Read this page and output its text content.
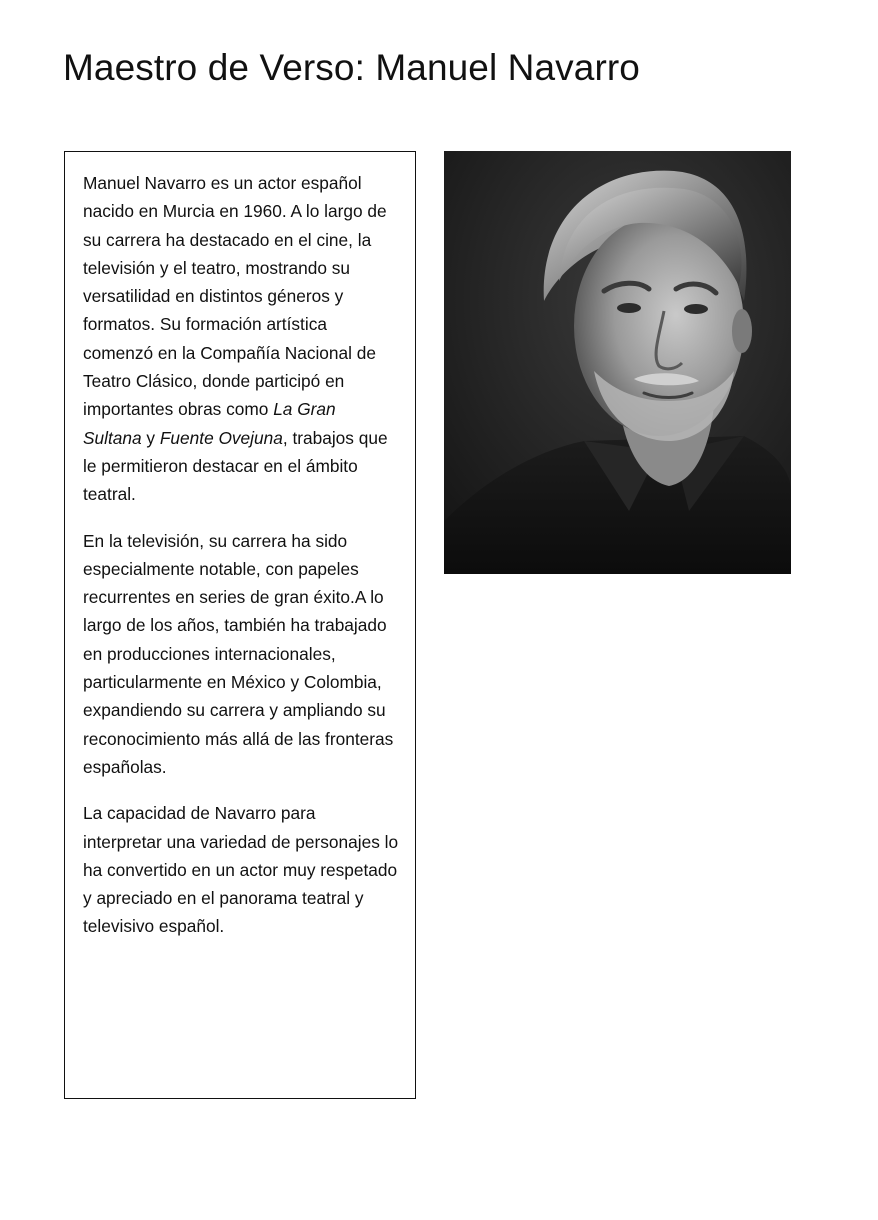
Maestro de Verso: Manuel Navarro

Manuel Navarro es un actor español nacido en Murcia en 1960. A lo largo de su carrera ha destacado en el cine, la televisión y el teatro, mostrando su versatilidad en distintos géneros y formatos. Su formación artística comenzó en la Compañía Nacional de Teatro Clásico, donde participó en importantes obras como La Gran Sultana y Fuente Ovejuna, trabajos que le permitieron destacar en el ámbito teatral.

En la televisión, su carrera ha sido especialmente notable, con papeles recurrentes en series de gran éxito.A lo largo de los años, también ha trabajado en producciones internacionales, particularmente en México y Colombia, expandiendo su carrera y ampliando su reconocimiento más allá de las fronteras españolas.

La capacidad de Navarro para interpretar una variedad de personajes lo ha convertido en un actor muy respetado y apreciado en el panorama teatral y televisivo español.
